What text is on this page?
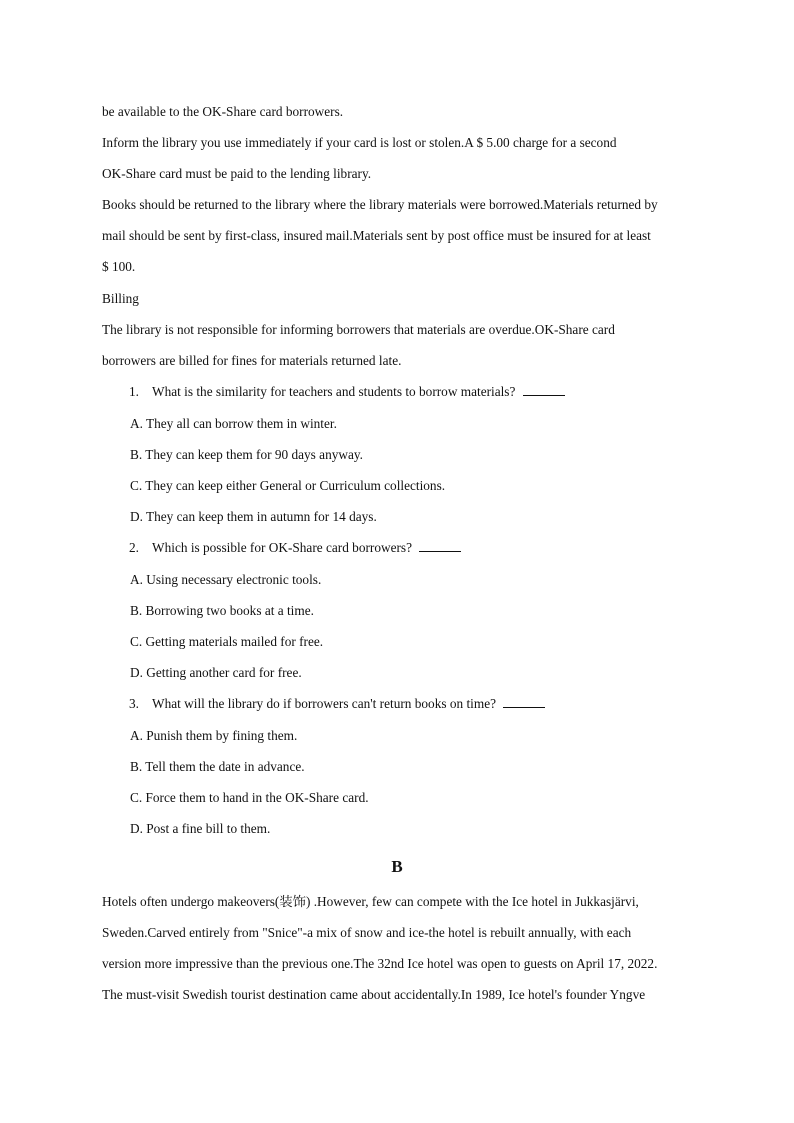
be available to the OK-Share card borrowers.
Inform the library you use immediately if your card is lost or stolen.A $ 5.00 charge for a second
OK-Share card must be paid to the lending library.
Books should be returned to the library where the library materials were borrowed.Materials returned by
mail should be sent by first-class, insured mail.Materials sent by post office must be insured for at least
$ 100.
Billing
The library is not responsible for informing borrowers that materials are overdue.OK-Share card
borrowers are billed for fines for materials returned late.
1. What is the similarity for teachers and students to borrow materials?
A. They all can borrow them in winter.
B. They can keep them for 90 days anyway.
C. They can keep either General or Curriculum collections.
D. They can keep them in autumn for 14 days.
2. Which is possible for OK-Share card borrowers?
A. Using necessary electronic tools.
B. Borrowing two books at a time.
C. Getting materials mailed for free.
D. Getting another card for free.
3. What will the library do if borrowers can't return books on time?
A. Punish them by fining them.
B. Tell them the date in advance.
C. Force them to hand in the OK-Share card.
D. Post a fine bill to them.
B
Hotels often undergo makeovers(装饰) .However, few can compete with the Ice hotel in Jukkasjärvi,
Sweden.Carved entirely from "Snice"-a mix of snow and ice-the hotel is rebuilt annually, with each
version more impressive than the previous one.The 32nd Ice hotel was open to guests on April 17, 2022.
The must-visit Swedish tourist destination came about accidentally.In 1989, Ice hotel's founder Yngve
